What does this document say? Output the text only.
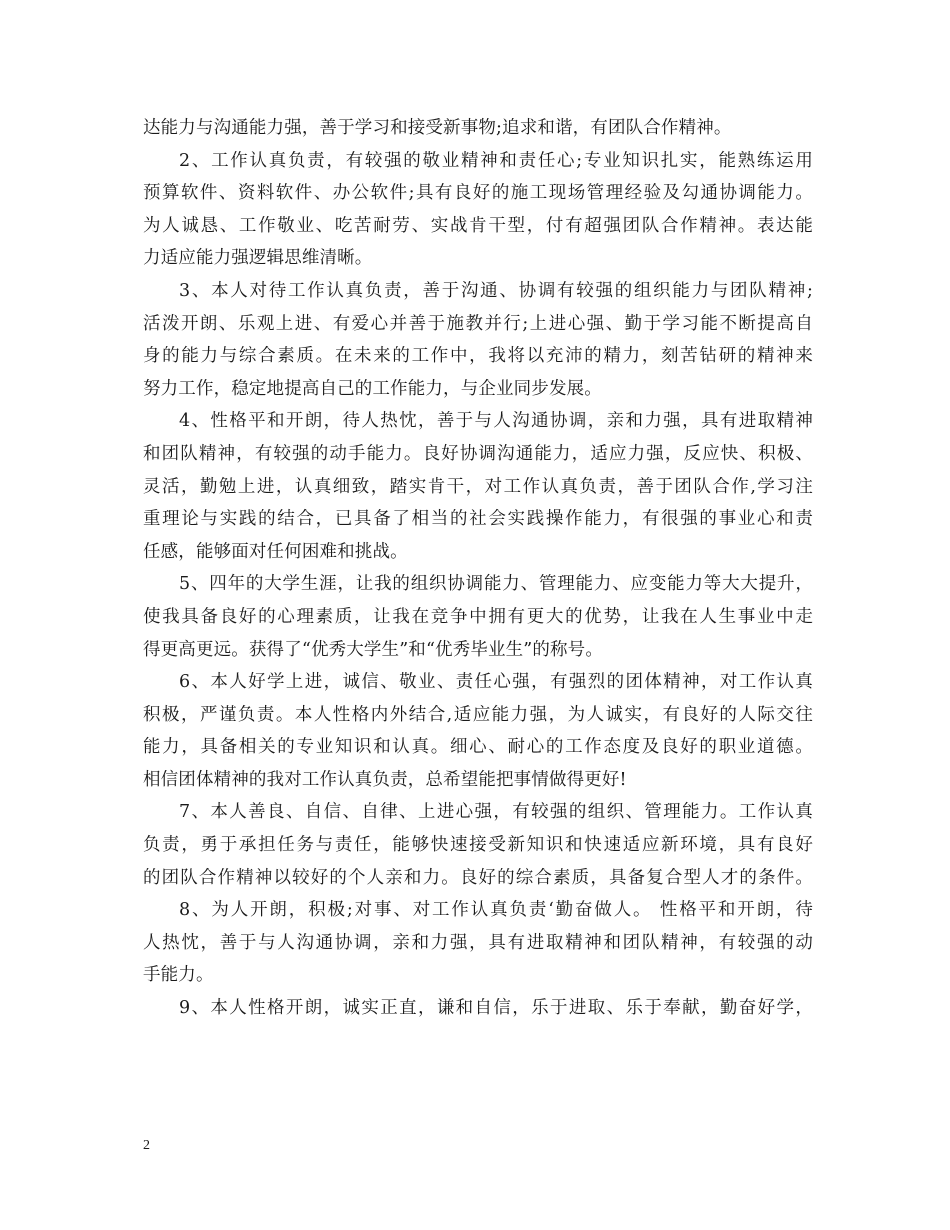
达能力与沟通能力强，善于学习和接受新事物;追求和谐，有团队合作精神。
2、工作认真负责，有较强的敬业精神和责任心;专业知识扎实，能熟练运用
预算软件、资料软件、办公软件;具有良好的施工现场管理经验及勾通协调能力。
为人诚恳、工作敬业、吃苦耐劳、实战肯干型，付有超强团队合作精神。表达能
力适应能力强逻辑思维清晰。
3、本人对待工作认真负责，善于沟通、协调有较强的组织能力与团队精神;
活泼开朗、乐观上进、有爱心并善于施教并行;上进心强、勤于学习能不断提高自
身的能力与综合素质。在未来的工作中，我将以充沛的精力，刻苦钻研的精神来
努力工作，稳定地提高自己的工作能力，与企业同步发展。
4、性格平和开朗，待人热忱，善于与人沟通协调，亲和力强，具有进取精神
和团队精神，有较强的动手能力。良好协调沟通能力，适应力强，反应快、积极、
灵活，勤勉上进，认真细致，踏实肯干，对工作认真负责，善于团队合作,学习注
重理论与实践的结合，已具备了相当的社会实践操作能力，有很强的事业心和责
任感，能够面对任何困难和挑战。
5、四年的大学生涯，让我的组织协调能力、管理能力、应变能力等大大提升，
使我具备良好的心理素质，让我在竞争中拥有更大的优势，让我在人生事业中走
得更高更远。获得了“优秀大学生”和“优秀毕业生”的称号。
6、本人好学上进，诚信、敬业、责任心强，有强烈的团体精神，对工作认真
积极，严谨负责。本人性格内外结合,适应能力强，为人诚实，有良好的人际交往
能力，具备相关的专业知识和认真。细心、耐心的工作态度及良好的职业道德。
相信团体精神的我对工作认真负责，总希望能把事情做得更好!
7、本人善良、自信、自律、上进心强，有较强的组织、管理能力。工作认真
负责，勇于承担任务与责任，能够快速接受新知识和快速适应新环境，具有良好
的团队合作精神以较好的个人亲和力。良好的综合素质，具备复合型人才的条件。
8、为人开朗，积极;对事、对工作认真负责‘勤奋做人。 性格平和开朗，待
人热忱，善于与人沟通协调，亲和力强，具有进取精神和团队精神，有较强的动
手能力。
9、本人性格开朗，诚实正直，谦和自信，乐于进取、乐于奉献，勤奋好学，
2
